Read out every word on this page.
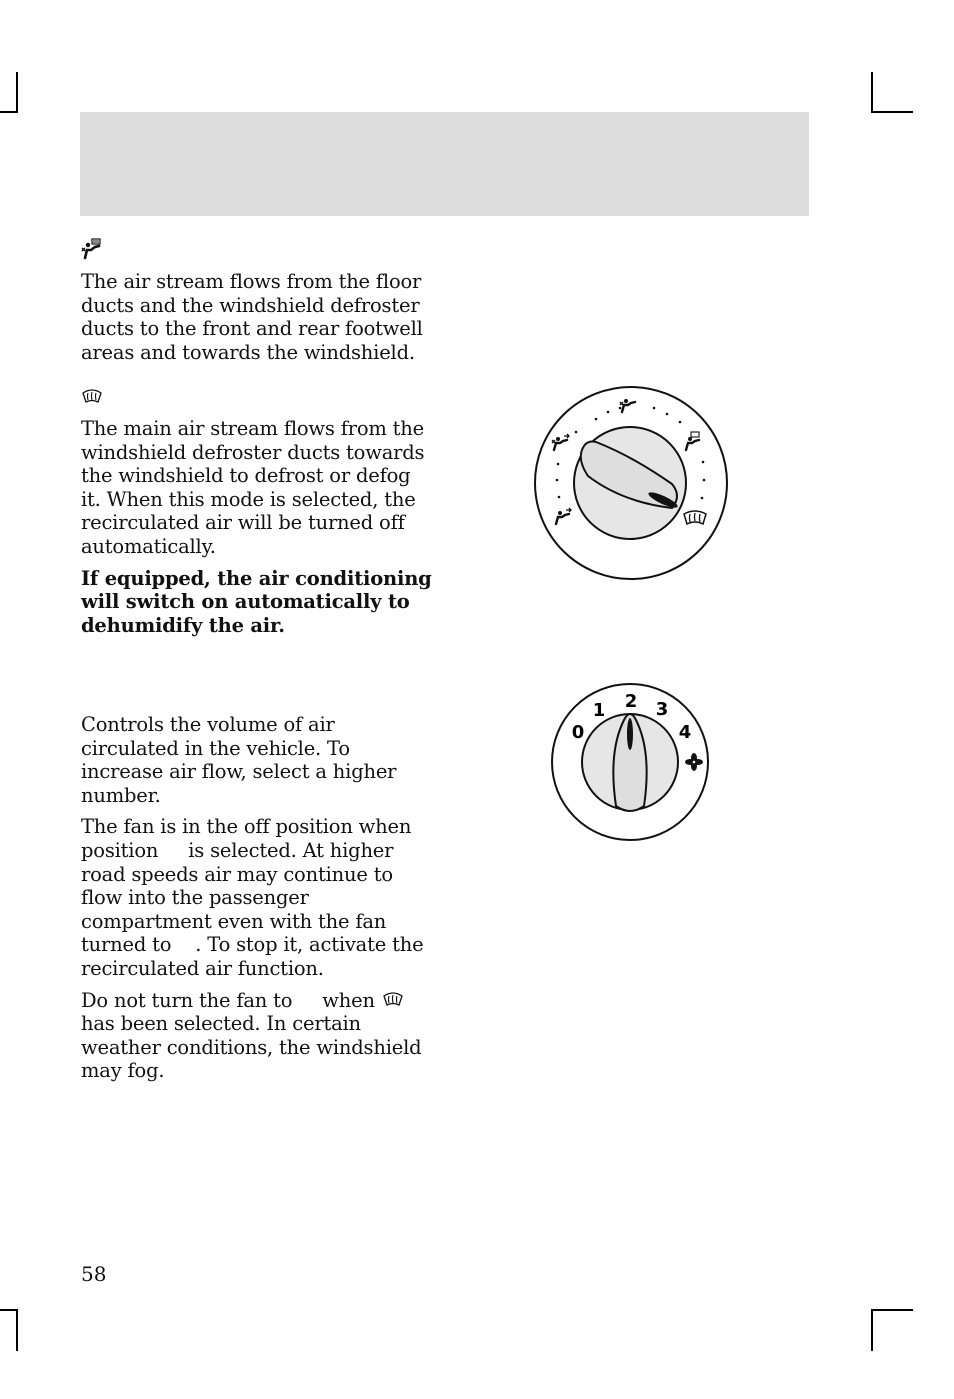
The air stream flows from the floor ducts and the windshield defroster ducts to the front and rear footwell areas and towards the windshield.

The main air stream flows from the windshield defroster ducts towards the windshield to defrost or defog it. When this mode is selected, the recirculated air will be turned off automatically.

If equipped, the air conditioning will switch on automatically to dehumidify the air.

Controls the volume of air circulated in the vehicle. To increase air flow, select a higher number.

The fan is in the off position when position is selected. At higher road speeds air may continue to flow into the passenger compartment even with the fan turned to . To stop it, activate the recirculated air function.

Do not turn the fan to when
has been selected. In certain weather conditions, the windshield may fog.

0
1 2 3
4
58
